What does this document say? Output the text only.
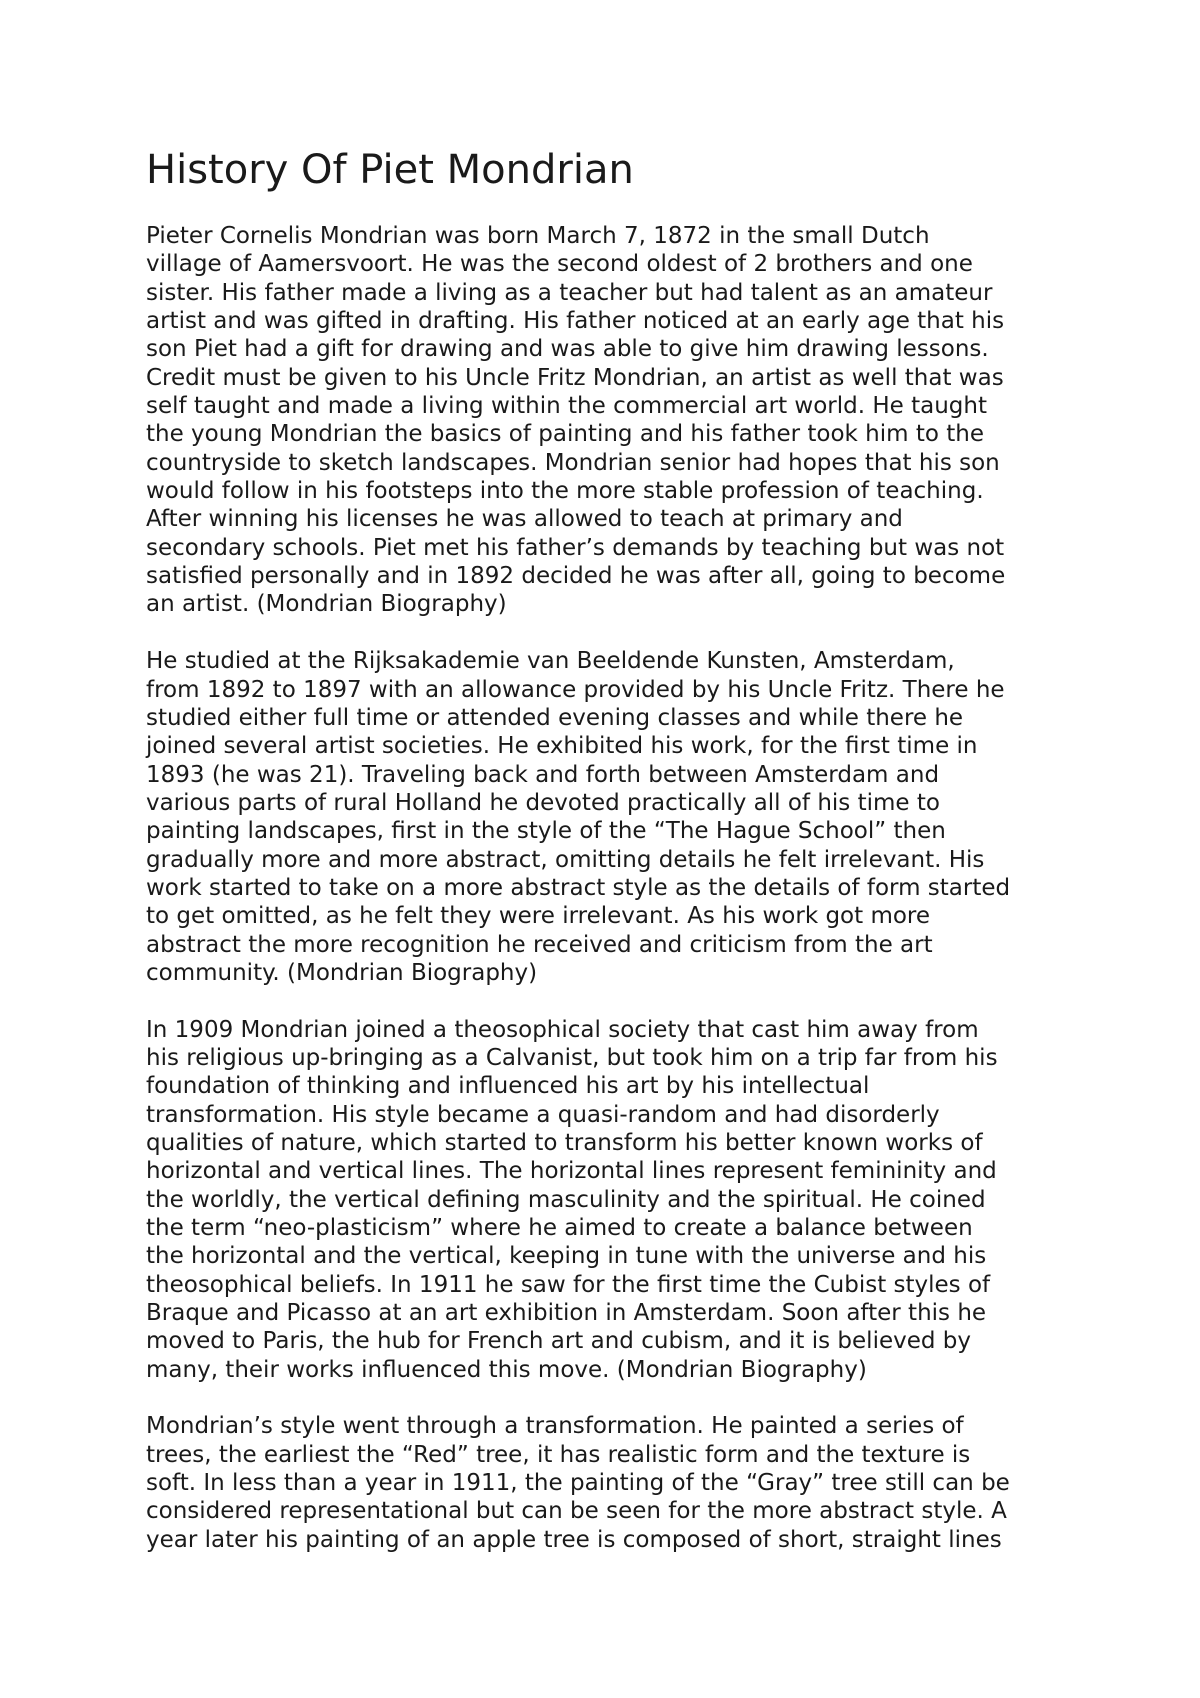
History Of Piet Mondrian

Pieter Cornelis Mondrian was born March 7, 1872 in the small Dutch
village of Aamersvoort. He was the second oldest of 2 brothers and one
sister. His father made a living as a teacher but had talent as an amateur
artist and was gifted in drafting. His father noticed at an early age that his
son Piet had a gift for drawing and was able to give him drawing lessons.
Credit must be given to his Uncle Fritz Mondrian, an artist as well that was
self taught and made a living within the commercial art world. He taught
the young Mondrian the basics of painting and his father took him to the
countryside to sketch landscapes. Mondrian senior had hopes that his son
would follow in his footsteps into the more stable profession of teaching.
After winning his licenses he was allowed to teach at primary and
secondary schools. Piet met his father’s demands by teaching but was not
satisfied personally and in 1892 decided he was after all, going to become
an artist. (Mondrian Biography)

He studied at the Rijksakademie van Beeldende Kunsten, Amsterdam,
from 1892 to 1897 with an allowance provided by his Uncle Fritz. There he
studied either full time or attended evening classes and while there he
joined several artist societies. He exhibited his work, for the first time in
1893 (he was 21). Traveling back and forth between Amsterdam and
various parts of rural Holland he devoted practically all of his time to
painting landscapes, first in the style of the “The Hague School” then
gradually more and more abstract, omitting details he felt irrelevant. His
work started to take on a more abstract style as the details of form started
to get omitted, as he felt they were irrelevant. As his work got more
abstract the more recognition he received and criticism from the art
community. (Mondrian Biography)

In 1909 Mondrian joined a theosophical society that cast him away from
his religious up-bringing as a Calvanist, but took him on a trip far from his
foundation of thinking and influenced his art by his intellectual
transformation. His style became a quasi-random and had disorderly
qualities of nature, which started to transform his better known works of
horizontal and vertical lines. The horizontal lines represent femininity and
the worldly, the vertical defining masculinity and the spiritual. He coined
the term “neo-plasticism” where he aimed to create a balance between
the horizontal and the vertical, keeping in tune with the universe and his
theosophical beliefs. In 1911 he saw for the first time the Cubist styles of
Braque and Picasso at an art exhibition in Amsterdam. Soon after this he
moved to Paris, the hub for French art and cubism, and it is believed by
many, their works influenced this move. (Mondrian Biography)

Mondrian’s style went through a transformation. He painted a series of
trees, the earliest the “Red” tree, it has realistic form and the texture is
soft. In less than a year in 1911, the painting of the “Gray” tree still can be
considered representational but can be seen for the more abstract style. A
year later his painting of an apple tree is composed of short, straight lines
